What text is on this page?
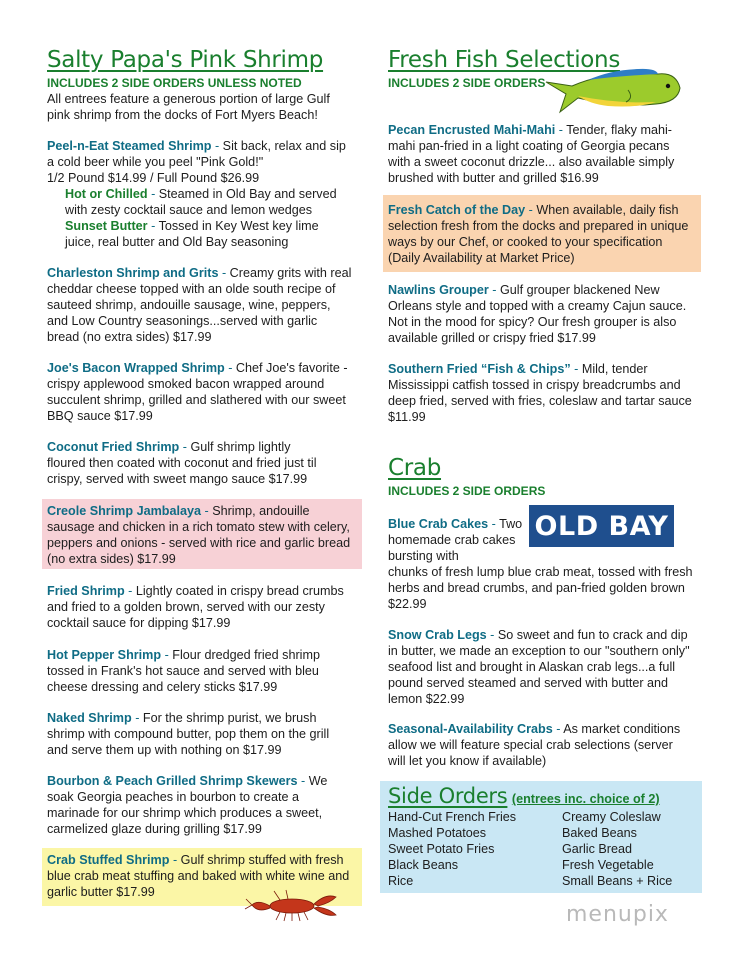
Salty Papa's Pink Shrimp
INCLUDES 2 SIDE ORDERS UNLESS NOTED

All entrees feature a generous portion of large Gulf pink shrimp from the docks of Fort Myers Beach!

Peel-n-Eat Steamed Shrimp - Sit back, relax and sip a cold beer while you peel "Pink Gold!"

1/2 Pound $14.99 / Full Pound $26.99

Hot or Chilled - Steamed in Old Bay and served with zesty cocktail sauce and lemon wedges

Sunset Butter - Tossed in Key West key lime juice, real butter and Old Bay seasoning

Charleston Shrimp and Grits - Creamy grits with real cheddar cheese topped with an olde south recipe of sauteed shrimp, andouille sausage, wine, peppers, and Low Country seasonings...served with garlic bread (no extra sides) $17.99

Joe's Bacon Wrapped Shrimp - Chef Joe's favorite - crispy applewood smoked bacon wrapped around succulent shrimp, grilled and slathered with our sweet BBQ sauce $17.99

Coconut Fried Shrimp - Gulf shrimp lightly floured then coated with coconut and fried just til crispy, served with sweet mango sauce $17.99

Creole Shrimp Jambalaya - Shrimp, andouille sausage and chicken in a rich tomato stew with celery, peppers and onions - served with rice and garlic bread (no extra sides) $17.99

Fried Shrimp - Lightly coated in crispy bread crumbs and fried to a golden brown, served with our zesty cocktail sauce for dipping $17.99

Hot Pepper Shrimp - Flour dredged fried shrimp tossed in Frank's hot sauce and served with bleu cheese dressing and celery sticks $17.99

Naked Shrimp - For the shrimp purist, we brush shrimp with compound butter, pop them on the grill and serve them up with nothing on $17.99

Bourbon & Peach Grilled Shrimp Skewers - We soak Georgia peaches in bourbon to create a marinade for our shrimp which produces a sweet, carmelized glaze during grilling $17.99

Crab Stuffed Shrimp - Gulf shrimp stuffed with fresh blue crab meat stuffing and baked with white wine and garlic butter $17.99

Fresh Fish Selections
INCLUDES 2 SIDE ORDERS

Pecan Encrusted Mahi-Mahi - Tender, flaky mahi-mahi pan-fried in a light coating of Georgia pecans with a sweet coconut drizzle... also available simply brushed with butter and grilled $16.99

Fresh Catch of the Day - When available, daily fish selection fresh from the docks and prepared in unique ways by our Chef, or cooked to your specification (Daily Availability at Market Price)

Nawlins Grouper - Gulf grouper blackened New Orleans style and topped with a creamy Cajun sauce. Not in the mood for spicy? Our fresh grouper is also available grilled or crispy fried $17.99

Southern Fried “Fish & Chips” - Mild, tender Mississippi catfish tossed in crispy breadcrumbs and deep fried, served with fries, coleslaw and tartar sauce $11.99

Crab
INCLUDES 2 SIDE ORDERS
OLD BAY

Blue Crab Cakes - Two homemade crab cakes bursting with

chunks of fresh lump blue crab meat, tossed with fresh herbs and bread crumbs, and pan-fried golden brown $22.99

Snow Crab Legs - So sweet and fun to crack and dip in butter, we made an exception to our "southern only" seafood list and brought in Alaskan crab legs...a full pound served steamed and served with butter and lemon $22.99

Seasonal-Availability Crabs - As market conditions allow we will feature special crab selections (server will let you know if available)

Side Orders (entrees inc. choice of 2)
Hand-Cut French Fries	Creamy Coleslaw
Mashed Potatoes	Baked Beans
Sweet Potato Fries	Garlic Bread
Black Beans	Fresh Vegetable
Rice	Small Beans + Rice
menupix
